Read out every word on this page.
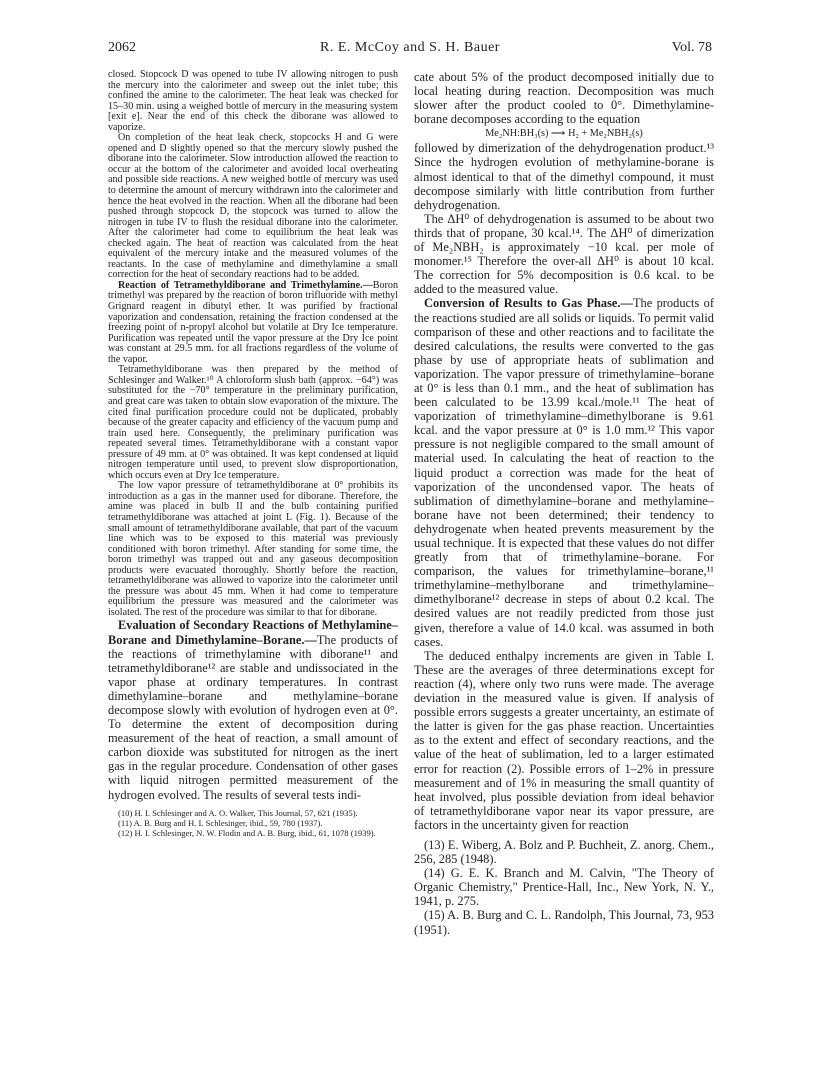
2062	R. E. McCoy and S. H. Bauer	Vol. 78

closed. Stopcock D was opened to tube IV allowing nitrogen to push the mercury into the calorimeter and sweep out the inlet tube; this confined the amine to the calorimeter. The heat leak was checked for 15–30 min. using a weighed bottle of mercury in the measuring system [exit e]. Near the end of this check the diborane was allowed to vaporize.

On completion of the heat leak check, stopcocks H and G were opened and D slightly opened so that the mercury slowly pushed the diborane into the calorimeter. Slow introduction allowed the reaction to occur at the bottom of the calorimeter and avoided local overheating and possible side reactions. A new weighed bottle of mercury was used to determine the amount of mercury withdrawn into the calorimeter and hence the heat evolved in the reaction. When all the diborane had been pushed through stopcock D, the stopcock was turned to allow the nitrogen in tube IV to flush the residual diborane into the calorimeter. After the calorimeter had come to equilibrium the heat leak was checked again. The heat of reaction was calculated from the heat equivalent of the mercury intake and the measured volumes of the reactants. In the case of methylamine and dimethylamine a small correction for the heat of secondary reactions had to be added.

Reaction of Tetramethyldiborane and Trimethylamine.—Boron trimethyl was prepared by the reaction of boron trifluoride with methyl Grignard reagent in dibutyl ether. It was purified by fractional vaporization and condensation, retaining the fraction condensed at the freezing point of n-propyl alcohol but volatile at Dry Ice temperature. Purification was repeated until the vapor pressure at the Dry Ice point was constant at 29.5 mm. for all fractions regardless of the volume of the vapor.

Tetramethyldiborane was then prepared by the method of Schlesinger and Walker.¹⁰ A chloroform slush bath (approx. −64°) was substituted for the −70° temperature in the preliminary purification, and great care was taken to obtain slow evaporation of the mixture. The cited final purification procedure could not be duplicated, probably because of the greater capacity and efficiency of the vacuum pump and train used here. Consequently, the preliminary purification was repeated several times. Tetramethyldiborane with a constant vapor pressure of 49 mm. at 0° was obtained. It was kept condensed at liquid nitrogen temperature until used, to prevent slow disproportionation, which occurs even at Dry Ice temperature.

The low vapor pressure of tetramethyldiborane at 0° prohibits its introduction as a gas in the manner used for diborane. Therefore, the amine was placed in bulb II and the bulb containing purified tetramethyldiborane was attached at joint L (Fig. 1). Because of the small amount of tetramethyldiborane available, that part of the vacuum line which was to be exposed to this material was previously conditioned with boron trimethyl. After standing for some time, the boron trimethyl was trapped out and any gaseous decomposition products were evacuated thoroughly. Shortly before the reaction, tetramethyldiborane was allowed to vaporize into the calorimeter until the pressure was about 45 mm. When it had come to temperature equilibrium the pressure was measured and the calorimeter was isolated. The rest of the procedure was similar to that for diborane.

Evaluation of Secondary Reactions of Methylamine–Borane and Dimethylamine–Borane.—The products of the reactions of trimethylamine with diborane¹¹ and tetramethyldiborane¹² are stable and undissociated in the vapor phase at ordinary temperatures. In contrast dimethylamine–borane and methylamine–borane decompose slowly with evolution of hydrogen even at 0°. To determine the extent of decomposition during measurement of the heat of reaction, a small amount of carbon dioxide was substituted for nitrogen as the inert gas in the regular procedure. Condensation of other gases with liquid nitrogen permitted measurement of the hydrogen evolved. The results of several tests indi-

(10) H. I. Schlesinger and A. O. Walker, This Journal, 57, 621 (1935).

(11) A. B. Burg and H. I. Schlesinger, ibid., 59, 780 (1937).

(12) H. I. Schlesinger, N. W. Flodin and A. B. Burg, ibid., 61, 1078 (1939).

cate about 5% of the product decomposed initially due to local heating during reaction. Decomposition was much slower after the product cooled to 0°. Dimethylamine-borane decomposes according to the equation

Me₂NH:BH₃(s) ⟶ H₂ + Me₂NBH₂(s)

followed by dimerization of the dehydrogenation product.¹³ Since the hydrogen evolution of methylamine-borane is almost identical to that of the dimethyl compound, it must decompose similarly with little contribution from further dehydrogenation.

The ΔH⁰ of dehydrogenation is assumed to be about two thirds that of propane, 30 kcal.¹⁴. The ΔH⁰ of dimerization of Me₂NBH₂ is approximately −10 kcal. per mole of monomer.¹⁵ Therefore the over-all ΔH⁰ is about 10 kcal. The correction for 5% decomposition is 0.6 kcal. to be added to the measured value.

Conversion of Results to Gas Phase.—The products of the reactions studied are all solids or liquids. To permit valid comparison of these and other reactions and to facilitate the desired calculations, the results were converted to the gas phase by use of appropriate heats of sublimation and vaporization. The vapor pressure of trimethylamine–borane at 0° is less than 0.1 mm., and the heat of sublimation has been calculated to be 13.99 kcal./mole.¹¹ The heat of vaporization of trimethylamine–dimethylborane is 9.61 kcal. and the vapor pressure at 0° is 1.0 mm.¹² This vapor pressure is not negligible compared to the small amount of material used. In calculating the heat of reaction to the liquid product a correction was made for the heat of vaporization of the uncondensed vapor. The heats of sublimation of dimethylamine–borane and methylamine–borane have not been determined; their tendency to dehydrogenate when heated prevents measurement by the usual technique. It is expected that these values do not differ greatly from that of trimethylamine–borane. For comparison, the values for trimethylamine–borane,¹¹ trimethylamine–methylborane and trimethylamine–dimethylborane¹² decrease in steps of about 0.2 kcal. The desired values are not readily predicted from those just given, therefore a value of 14.0 kcal. was assumed in both cases.

The deduced enthalpy increments are given in Table I. These are the averages of three determinations except for reaction (4), where only two runs were made. The average deviation in the measured value is given. If analysis of possible errors suggests a greater uncertainty, an estimate of the latter is given for the gas phase reaction. Uncertainties as to the extent and effect of secondary reactions, and the value of the heat of sublimation, led to a larger estimated error for reaction (2). Possible errors of 1–2% in pressure measurement and of 1% in measuring the small quantity of heat involved, plus possible deviation from ideal behavior of tetramethyldiborane vapor near its vapor pressure, are factors in the uncertainty given for reaction

(13) E. Wiberg, A. Bolz and P. Buchheit, Z. anorg. Chem., 256, 285 (1948).

(14) G. E. K. Branch and M. Calvin, "The Theory of Organic Chemistry," Prentice-Hall, Inc., New York, N. Y., 1941, p. 275.

(15) A. B. Burg and C. L. Randolph, This Journal, 73, 953 (1951).
